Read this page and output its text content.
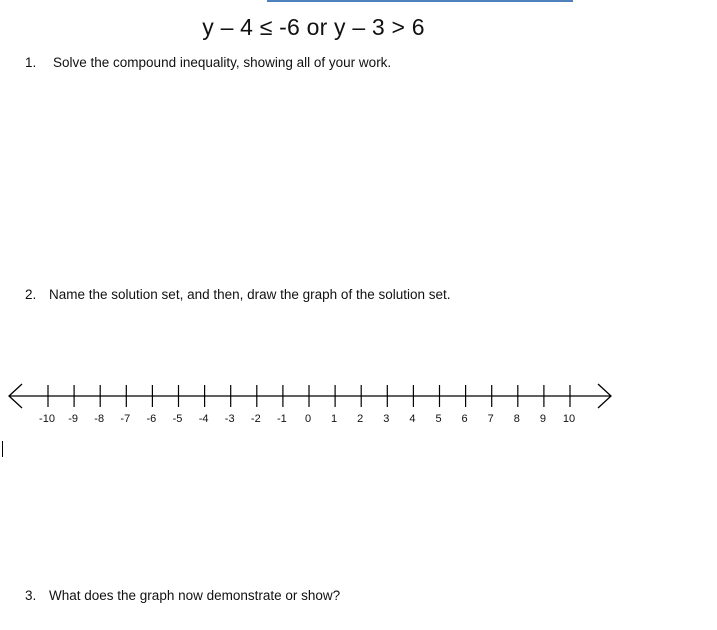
y – 4 ≤ -6 or y – 3 > 6
1. Solve the compound inequality, showing all of your work.
2. Name the solution set, and then, draw the graph of the solution set.
-10 -9 -8 -7 -6 -5 -4 -3 -2 -1 0 1 2 3 4 5 6 7 8 9 10
3. What does the graph now demonstrate or show?
